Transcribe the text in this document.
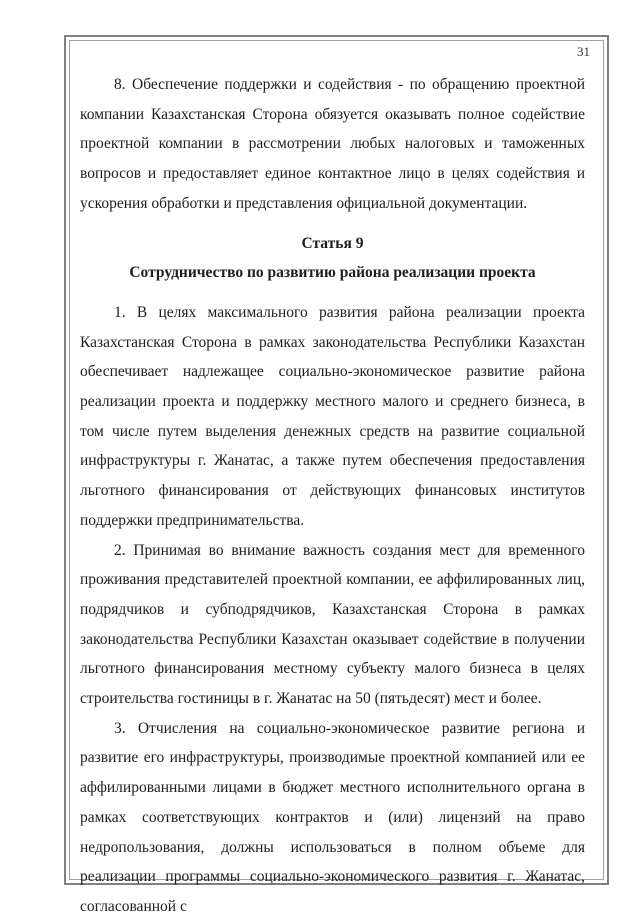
31

8. Обеспечение поддержки и содействия - по обращению проектной компании Казахстанская Сторона обязуется оказывать полное содействие проектной компании в рассмотрении любых налоговых и таможенных вопросов и предоставляет единое контактное лицо в целях содействия и ускорения обработки и представления официальной документации.

Статья 9

Сотрудничество по развитию района реализации проекта

1. В целях максимального развития района реализации проекта Казахстанская Сторона в рамках законодательства Республики Казахстан обеспечивает надлежащее социально-экономическое развитие района реализации проекта и поддержку местного малого и среднего бизнеса, в том числе путем выделения денежных средств на развитие социальной инфраструктуры г. Жанатас, а также путем обеспечения предоставления льготного финансирования от действующих финансовых институтов поддержки предпринимательства.

2. Принимая во внимание важность создания мест для временного проживания представителей проектной компании, ее аффилированных лиц, подрядчиков и субподрядчиков, Казахстанская Сторона в рамках законодательства Республики Казахстан оказывает содействие в получении льготного финансирования местному субъекту малого бизнеса в целях строительства гостиницы в г. Жанатас на 50 (пятьдесят) мест и более.

3. Отчисления на социально-экономическое развитие региона и развитие его инфраструктуры, производимые проектной компанией или ее аффилированными лицами в бюджет местного исполнительного органа в рамках соответствующих контрактов и (или) лицензий на право недропользования, должны использоваться в полном объеме для реализации программы социально-экономического развития г. Жанатас, согласованной с
